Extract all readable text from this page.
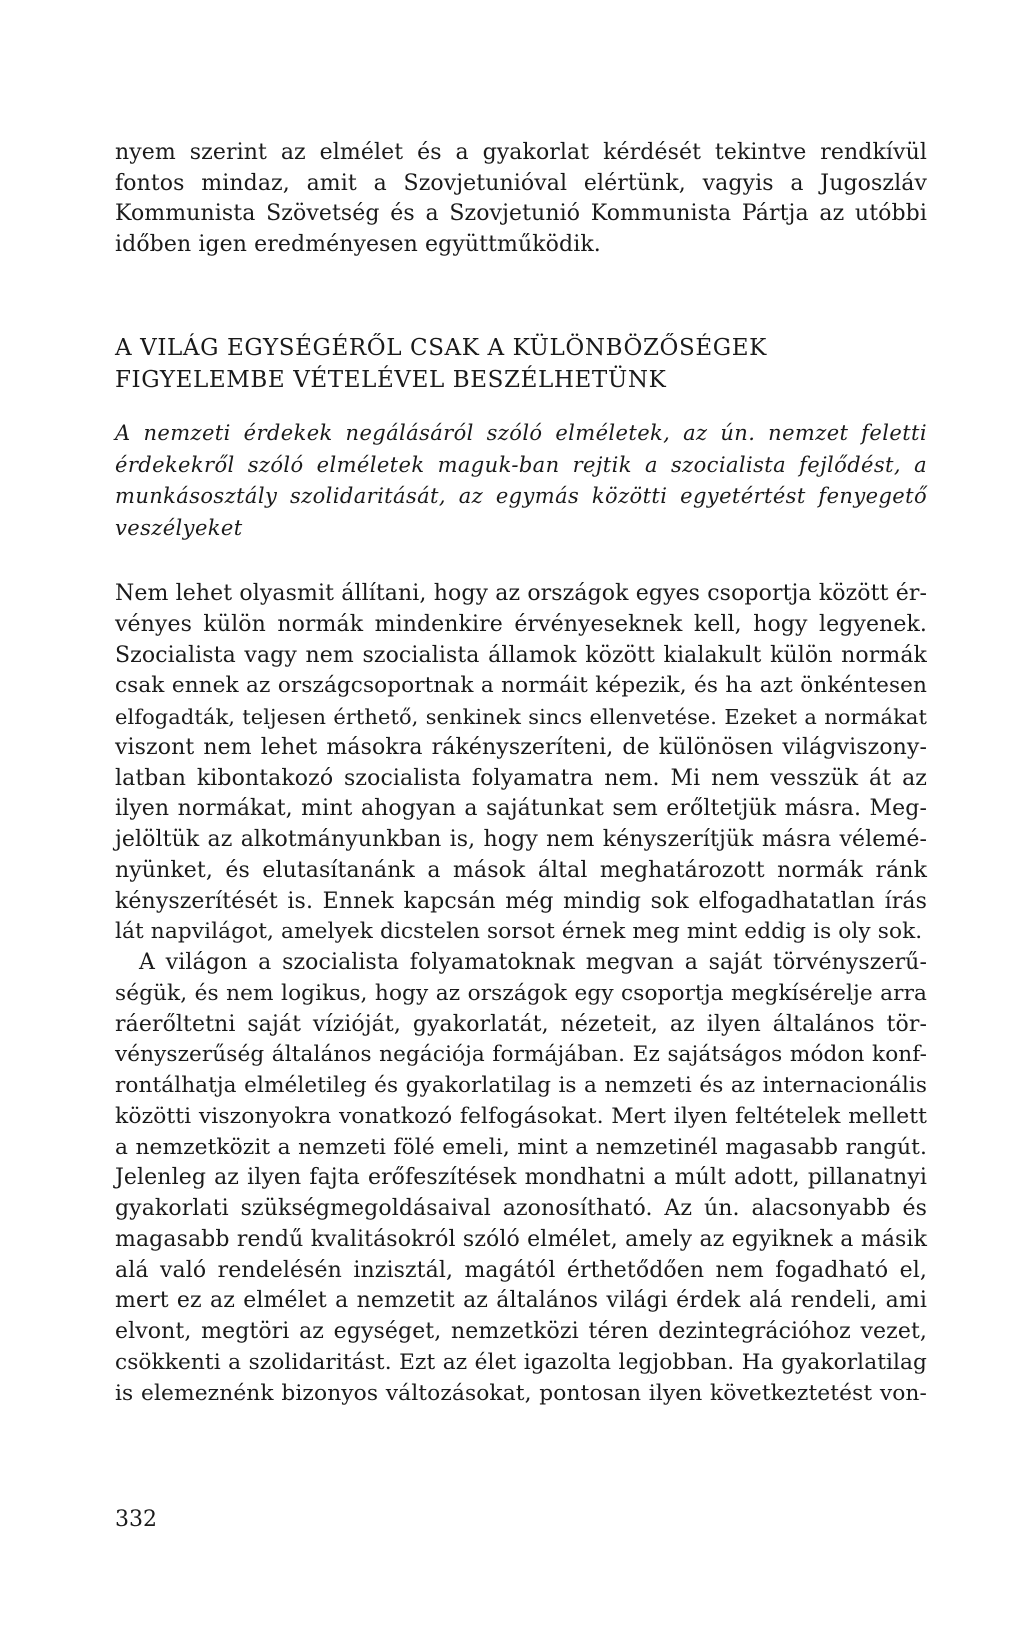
nyem szerint az elmélet és a gyakorlat kérdését tekintve rendkívül
fontos mindaz, amit a Szovjetunióval elértünk, vagyis a Jugoszláv
Kommunista Szövetség és a Szovjetunió Kommunista Pártja az utóbbi
időben igen eredményesen együttműködik.
A VILÁG EGYSÉGÉRŐL CSAK A KÜLÖNBÖZŐSÉGEK
FIGYELEMBE VÉTELÉVEL BESZÉLHETÜNK
A nemzeti érdekek negálásáról szóló elméletek, az ún. nemzet feletti
érdekekről szóló elméletek maguk-ban rejtik a szocialista fejlődést, a
munkásosztály szolidaritását, az egymás közötti egyetértést fenyegető
veszélyeket
Nem lehet olyasmit állítani, hogy az országok egyes csoportja között ér-
vényes külön normák mindenkire érvényeseknek kell, hogy legyenek.
Szocialista vagy nem szocialista államok között kialakult külön normák
csak ennek az országcsoportnak a normáit képezik, és ha azt önkéntesen
elfogadták, teljesen érthető, senkinek sincs ellenvetése. Ezeket a normákat
viszont nem lehet másokra rákényszeríteni, de különösen világviszony-
latban kibontakozó szocialista folyamatra nem. Mi nem vesszük át az
ilyen normákat, mint ahogyan a sajátunkat sem erőltetjük másra. Meg-
jelöltük az alkotmányunkban is, hogy nem kényszerítjük másra vélemé-
nyünket, és elutasítanánk a mások által meghatározott normák ránk
kényszerítését is. Ennek kapcsán még mindig sok elfogadhatatlan írás
lát napvilágot, amelyek dicstelen sorsot érnek meg mint eddig is oly sok.
A világon a szocialista folyamatoknak megvan a saját törvényszerű-
ségük, és nem logikus, hogy az országok egy csoportja megkísérelje arra
ráerőltetni saját vízióját, gyakorlatát, nézeteit, az ilyen általános tör-
vényszerűség általános negációja formájában. Ez sajátságos módon konf-
rontálhatja elméletileg és gyakorlatilag is a nemzeti és az internacionális
közötti viszonyokra vonatkozó felfogásokat. Mert ilyen feltételek mellett
a nemzetközit a nemzeti fölé emeli, mint a nemzetinél magasabb rangút.
Jelenleg az ilyen fajta erőfeszítések mondhatni a múlt adott, pillanatnyi
gyakorlati szükségmegoldásaival azonosítható. Az ún. alacsonyabb és
magasabb rendű kvalitásokról szóló elmélet, amely az egyiknek a másik
alá való rendelésén inzisztál, magától érthetődően nem fogadható el,
mert ez az elmélet a nemzetit az általános világi érdek alá rendeli, ami
elvont, megtöri az egységet, nemzetközi téren dezintegrációhoz vezet,
csökkenti a szolidaritást. Ezt az élet igazolta legjobban. Ha gyakorlatilag
is elemeznénk bizonyos változásokat, pontosan ilyen következtetést von-
332
